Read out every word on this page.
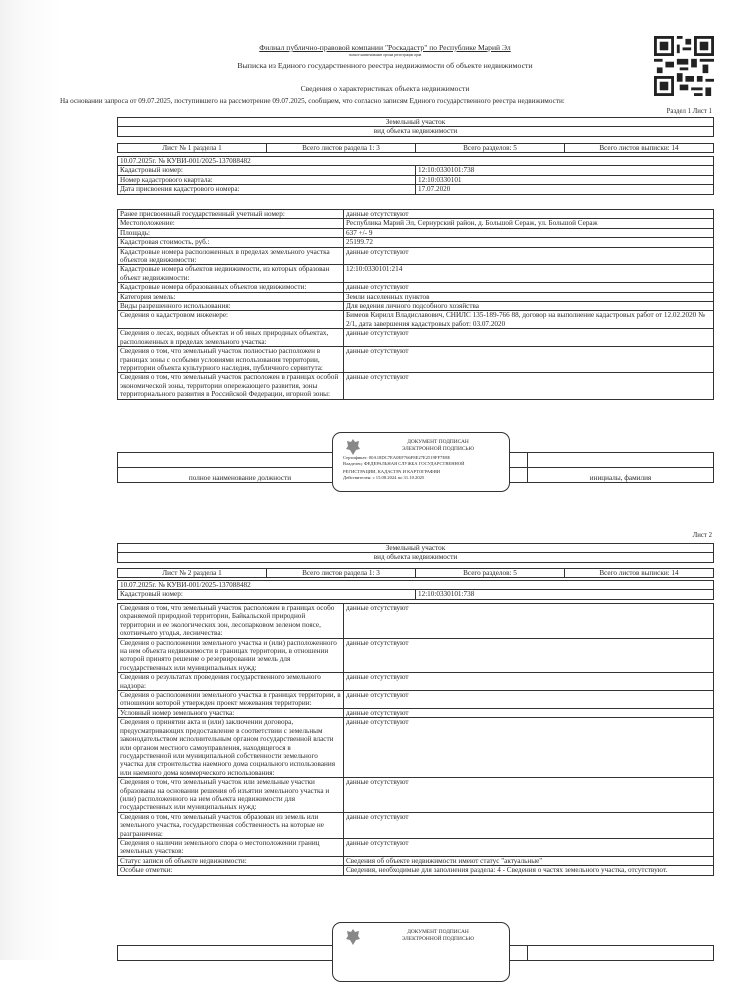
Филиал публично-правовой компании "Роскадастр" по Республике Марий Эл
полное наименование органа регистрации прав
Выписка из Единого государственного реестра недвижимости об объекте недвижимости
Сведения о характеристиках объекта недвижимости
На основании запроса от 09.07.2025, поступившего на рассмотрение 09.07.2025, сообщаем, что согласно записям Единого государственного реестра недвижимости:
Раздел 1 Лист 1
Земельный участок
вид объекта недвижимости
Лист № 1 раздела 1	Всего листов раздела 1: 3	Всего разделов: 5	Всего листов выписки: 14
10.07.2025г. № КУВИ-001/2025-137088482	
Кадастровый номер:	12:10:0330101:738
Номер кадастрового квартала:	12:10:0330101
Дата присвоения кадастрового номера:	17.07.2020
Ранее присвоенный государственный учетный номер:	данные отсутствуют
Местоположение:	Республика Марий Эл, Сернурский район, д. Большой Сераж, ул. Большой Сераж
Площадь:	637 +/- 9
Кадастровая стоимость, руб.:	25199.72
Кадастровые номера расположенных в пределах земельного участка объектов недвижимости:	данные отсутствуют
Кадастровые номера объектов недвижимости, из которых образован объект недвижимости:	12:10:0330101:214
Кадастровые номера образованных объектов недвижимости:	данные отсутствуют
Категория земель:	Земли населенных пунктов
Виды разрешенного использования:	Для ведения личного подсобного хозяйства
Сведения о кадастровом инженере:	Бимеов Кирилл Владиславович, СНИЛС 135-189-766 88, договор на выполнение кадастровых работ от 12.02.2020 № 2/1, дата завершения кадастровых работ: 03.07.2020
Сведения о лесах, водных объектах и об иных природных объектах, расположенных в пределах земельного участка:	данные отсутствуют
Сведения о том, что земельный участок полностью расположен в границах зоны с особыми условиями использования территории, территории объекта культурного наследия, публичного сервитута:	данные отсутствуют
Сведения о том, что земельный участок расположен в границах особой экономической зоны, территории опережающего развития, зоны территориального развития в Российской Федерации, игорной зоны:	данные отсутствуют

полное наименование должности		инициалы, фамилия
ДОКУМЕНТ ПОДПИСАН
ЭЛЕКТРОННОЙ ПОДПИСЬЮ
Сертификат: 00А18DC7EA0EF766F8E27E2519FF7E8E
Владелец: ФЕДЕРАЛЬНАЯ СЛУЖБА ГОСУДАРСТВЕННОЙ
РЕГИСТРАЦИИ, КАДАСТРА И КАРТОГРАФИИ
Действителен: с 15.08.2024 по 31.10.2025
Лист 2
Земельный участок
вид объекта недвижимости
Лист № 2 раздела 1	Всего листов раздела 1: 3	Всего разделов: 5	Всего листов выписки: 14
10.07.2025г. № КУВИ-001/2025-137088482
Кадастровый номер:	12:10:0330101:738
Сведения о том, что земельный участок расположен в границах особо охраняемой природной территории, Байкальской природной территории и ее экологических зон, лесопарковом зеленом поясе, охотничьего угодья, лесничества:	данные отсутствуют
Сведения о расположении земельного участка и (или) расположенного на нем объекта недвижимости в границах территории, в отношении которой принято решение о резервировании земель для государственных или муниципальных нужд:	данные отсутствуют
Сведения о результатах проведения государственного земельного надзора:	данные отсутствуют
Сведения о расположении земельного участка в границах территории, в отношении которой утвержден проект межевания территории:	данные отсутствуют
Условный номер земельного участка:	данные отсутствуют
Сведения о принятии акта и (или) заключении договора, предусматривающих предоставление в соответствии с земельным законодательством исполнительным органом государственной власти или органом местного самоуправления, находящегося в государственной или муниципальной собственности земельного участка для строительства наемного дома социального использования или наемного дома коммерческого использования:	данные отсутствуют
Сведения о том, что земельный участок или земельные участки образованы на основании решения об изъятии земельного участка и (или) расположенного на нем объекта недвижимости для государственных или муниципальных нужд:	данные отсутствуют
Сведения о том, что земельный участок образован из земель или земельного участка, государственная собственность на которые не разграничена:	данные отсутствуют
Сведения о наличии земельного спора о местоположении границ земельных участков:	данные отсутствуют
Статус записи об объекте недвижимости:	Сведения об объекте недвижимости имеют статус "актуальные"
Особые отметки:	Сведения, необходимые для заполнения раздела: 4 - Сведения о частях земельного участка, отсутствуют.

ДОКУМЕНТ ПОДПИСАН
ЭЛЕКТРОННОЙ ПОДПИСЬЮ
